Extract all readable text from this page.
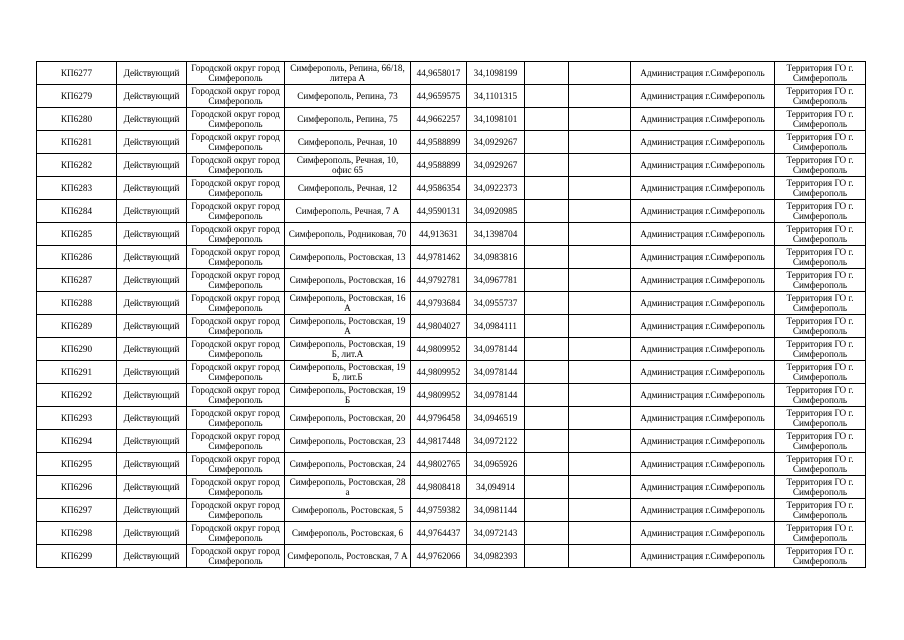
КП6277	Действующий	Городской округ город Симферополь	Симферополь, Репина, 66/18, литера А	44,9658017	34,1098199			Администрация г.Симферополь	Территория ГО г. Симферополь
КП6279	Действующий	Городской округ город Симферополь	Симферополь, Репина, 73	44,9659575	34,1101315			Администрация г.Симферополь	Территория ГО г. Симферополь
КП6280	Действующий	Городской округ город Симферополь	Симферополь, Репина, 75	44,9662257	34,1098101			Администрация г.Симферополь	Территория ГО г. Симферополь
КП6281	Действующий	Городской округ город Симферополь	Симферополь, Речная, 10	44,9588899	34,0929267			Администрация г.Симферополь	Территория ГО г. Симферополь
КП6282	Действующий	Городской округ город Симферополь	Симферополь, Речная, 10, офис 65	44,9588899	34,0929267			Администрация г.Симферополь	Территория ГО г. Симферополь
КП6283	Действующий	Городской округ город Симферополь	Симферополь, Речная, 12	44,9586354	34,0922373			Администрация г.Симферополь	Территория ГО г. Симферополь
КП6284	Действующий	Городской округ город Симферополь	Симферополь, Речная, 7 А	44,9590131	34,0920985			Администрация г.Симферополь	Территория ГО г. Симферополь
КП6285	Действующий	Городской округ город Симферополь	Симферополь, Родниковая, 70	44,913631	34,1398704			Администрация г.Симферополь	Территория ГО г. Симферополь
КП6286	Действующий	Городской округ город Симферополь	Симферополь, Ростовская, 13	44,9781462	34,0983816			Администрация г.Симферополь	Территория ГО г. Симферополь
КП6287	Действующий	Городской округ город Симферополь	Симферополь, Ростовская, 16	44,9792781	34,0967781			Администрация г.Симферополь	Территория ГО г. Симферополь
КП6288	Действующий	Городской округ город Симферополь	Симферополь, Ростовская, 16 А	44,9793684	34,0955737			Администрация г.Симферополь	Территория ГО г. Симферополь
КП6289	Действующий	Городской округ город Симферополь	Симферополь, Ростовская, 19 А	44,9804027	34,0984111			Администрация г.Симферополь	Территория ГО г. Симферополь
КП6290	Действующий	Городской округ город Симферополь	Симферополь, Ростовская, 19 Б, лит.А	44,9809952	34,0978144			Администрация г.Симферополь	Территория ГО г. Симферополь
КП6291	Действующий	Городской округ город Симферополь	Симферополь, Ростовская, 19 Б, лит.Б	44,9809952	34,0978144			Администрация г.Симферополь	Территория ГО г. Симферополь
КП6292	Действующий	Городской округ город Симферополь	Симферополь, Ростовская, 19 Б	44,9809952	34,0978144			Администрация г.Симферополь	Территория ГО г. Симферополь
КП6293	Действующий	Городской округ город Симферополь	Симферополь, Ростовская, 20	44,9796458	34,0946519			Администрация г.Симферополь	Территория ГО г. Симферополь
КП6294	Действующий	Городской округ город Симферополь	Симферополь, Ростовская, 23	44,9817448	34,0972122			Администрация г.Симферополь	Территория ГО г. Симферополь
КП6295	Действующий	Городской округ город Симферополь	Симферополь, Ростовская, 24	44,9802765	34,0965926			Администрация г.Симферополь	Территория ГО г. Симферополь
КП6296	Действующий	Городской округ город Симферополь	Симферополь, Ростовская, 28 а	44,9808418	34,094914			Администрация г.Симферополь	Территория ГО г. Симферополь
КП6297	Действующий	Городской округ город Симферополь	Симферополь, Ростовская, 5	44,9759382	34,0981144			Администрация г.Симферополь	Территория ГО г. Симферополь
КП6298	Действующий	Городской округ город Симферополь	Симферополь, Ростовская, 6	44,9764437	34,0972143			Администрация г.Симферополь	Территория ГО г. Симферополь
КП6299	Действующий	Городской округ город Симферополь	Симферополь, Ростовская, 7 А	44,9762066	34,0982393			Администрация г.Симферополь	Территория ГО г. Симферополь
